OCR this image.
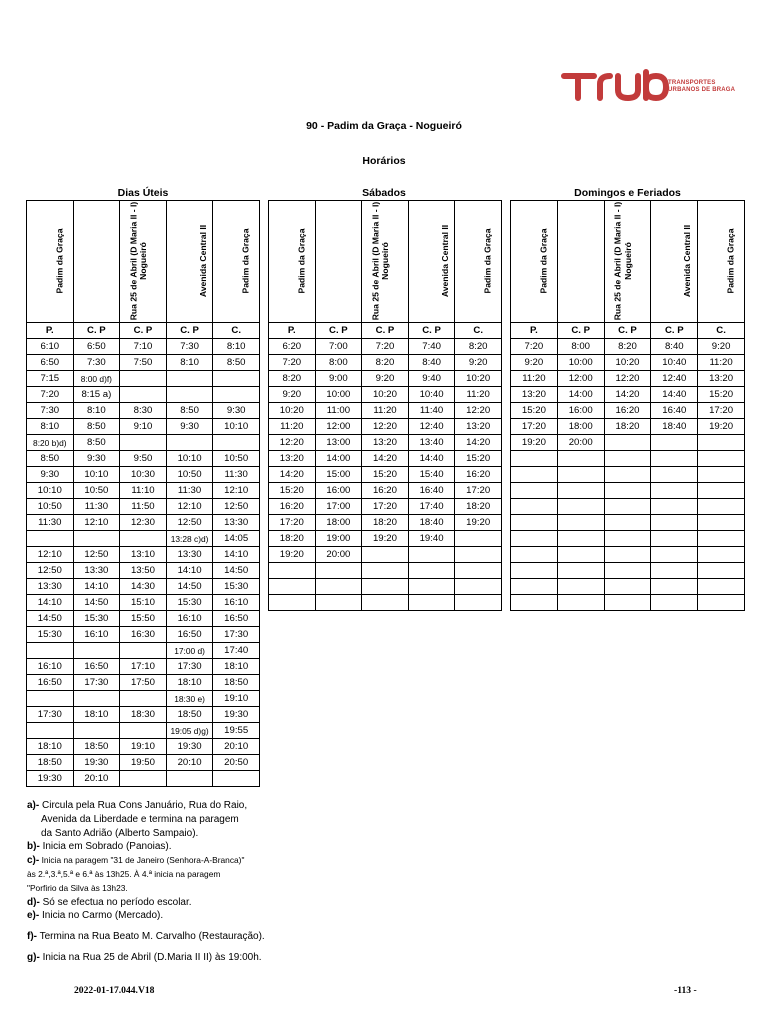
TRANSPORTES
URBANOS DE BRAGA
90 - Padim da Graça - Nogueiró
Horários
Dias Úteis	Sábados	Domingos e Feriados
Padim da Graça	Rua 25 de Abril (D Maria II - I)	Nogueiró	Avenida Central II	Padim da Graça
P.	C. P	C. P	C. P	C.
6:10	6:50	7:10	7:30	8:10
6:50	7:30	7:50	8:10	8:50
7:15	8:00 d)f)			
7:20	8:15 a)			
7:30	8:10	8:30	8:50	9:30
8:10	8:50	9:10	9:30	10:10
8:20 b)d)	8:50			
8:50	9:30	9:50	10:10	10:50
9:30	10:10	10:30	10:50	11:30
10:10	10:50	11:10	11:30	12:10
10:50	11:30	11:50	12:10	12:50
11:30	12:10	12:30	12:50	13:30
			13:28 c)d)	14:05
12:10	12:50	13:10	13:30	14:10
12:50	13:30	13:50	14:10	14:50
13:30	14:10	14:30	14:50	15:30
14:10	14:50	15:10	15:30	16:10
14:50	15:30	15:50	16:10	16:50
15:30	16:10	16:30	16:50	17:30
			17:00 d)	17:40
16:10	16:50	17:10	17:30	18:10
16:50	17:30	17:50	18:10	18:50
			18:30 e)	19:10
17:30	18:10	18:30	18:50	19:30
			19:05 d)g)	19:55
18:10	18:50	19:10	19:30	20:10
18:50	19:30	19:50	20:10	20:50
19:30	20:10			
Padim da Graça	Rua 25 de Abril (D Maria II - I)	Nogueiró	Avenida Central II	Padim da Graça
P.	C. P	C. P	C. P	C.
6:20	7:00	7:20	7:40	8:20
7:20	8:00	8:20	8:40	9:20
8:20	9:00	9:20	9:40	10:20
9:20	10:00	10:20	10:40	11:20
10:20	11:00	11:20	11:40	12:20
11:20	12:00	12:20	12:40	13:20
12:20	13:00	13:20	13:40	14:20
13:20	14:00	14:20	14:40	15:20
14:20	15:00	15:20	15:40	16:20
15:20	16:00	16:20	16:40	17:20
16:20	17:00	17:20	17:40	18:20
17:20	18:00	18:20	18:40	19:20
18:20	19:00	19:20	19:40	
19:20	20:00			

Padim da Graça	Rua 25 de Abril (D Maria II - I)	Nogueiró	Avenida Central II	Padim da Graça
P.	C. P	C. P	C. P	C.
7:20	8:00	8:20	8:40	9:20
9:20	10:00	10:20	10:40	11:20
11:20	12:00	12:20	12:40	13:20
13:20	14:00	14:20	14:40	15:20
15:20	16:00	16:20	16:40	17:20
17:20	18:00	18:20	18:40	19:20
19:20	20:00			

a)- Circula pela Rua Cons Januário, Rua do Raio,
Avenida da Liberdade e termina na paragem
da Santo Adrião (Alberto Sampaio).
b)- Inicia em Sobrado (Panoias).
c)- Inicia na paragem "31 de Janeiro (Senhora-A-Branca)"
às 2.ª,3.ª,5.ª e 6.ª às 13h25. À 4.ª inicia na paragem
"Porfirio da Silva às 13h23.
d)- Só se efectua no período escolar.
e)- Inicia no Carmo (Mercado).
f)- Termina na Rua Beato M. Carvalho (Restauração).
g)- Inicia na Rua 25 de Abril (D.Maria II II) às 19:00h.
2022-01-17.044.V18	-113 -
